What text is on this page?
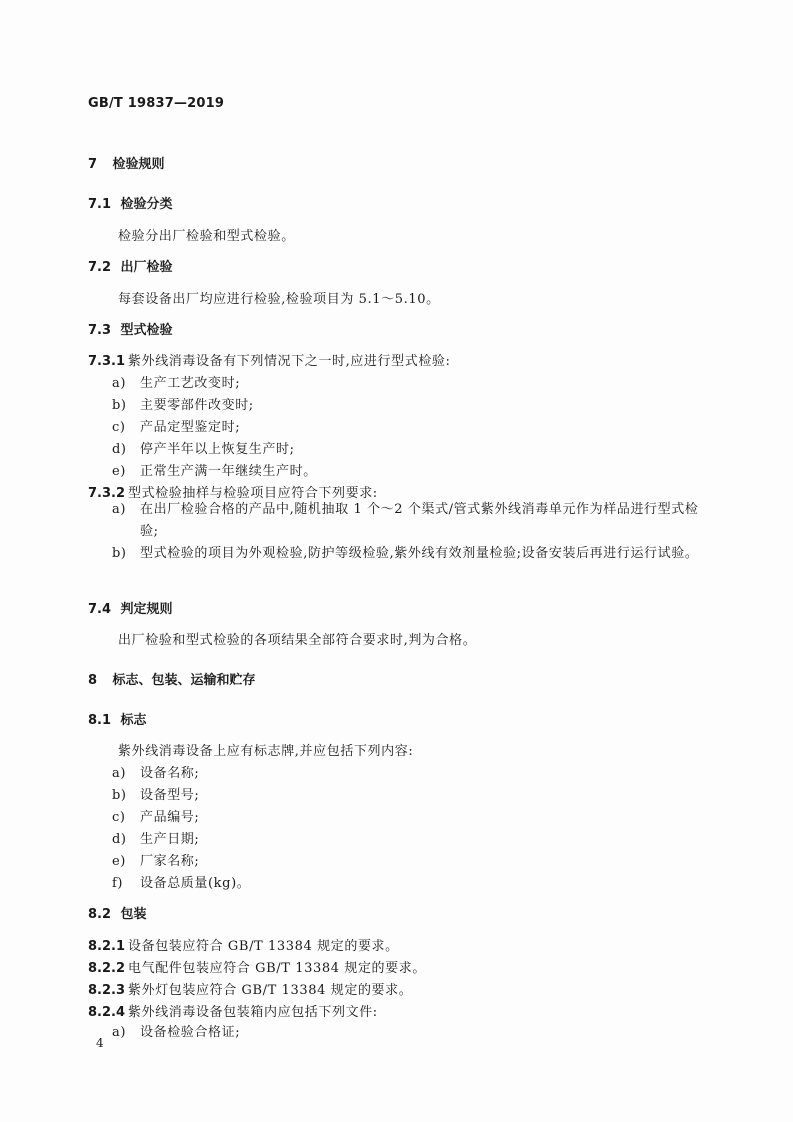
GB/T 19837—2019
7 检验规则
7.1 检验分类
检验分出厂检验和型式检验。
7.2 出厂检验
每套设备出厂均应进行检验,检验项目为 5.1～5.10。
7.3 型式检验
7.3.1 紫外线消毒设备有下列情况下之一时,应进行型式检验:
a) 生产工艺改变时;
b) 主要零部件改变时;
c) 产品定型鉴定时;
d) 停产半年以上恢复生产时;
e) 正常生产满一年继续生产时。
7.3.2 型式检验抽样与检验项目应符合下列要求:
a) 在出厂检验合格的产品中,随机抽取 1 个～2 个渠式/管式紫外线消毒单元作为样品进行型式检验;
b) 型式检验的项目为外观检验,防护等级检验,紫外线有效剂量检验;设备安装后再进行运行试验。
7.4 判定规则
出厂检验和型式检验的各项结果全部符合要求时,判为合格。
8 标志、包装、运输和贮存
8.1 标志
紫外线消毒设备上应有标志牌,并应包括下列内容:
a) 设备名称;
b) 设备型号;
c) 产品编号;
d) 生产日期;
e) 厂家名称;
f) 设备总质量(kg)。
8.2 包装
8.2.1 设备包装应符合 GB/T 13384 规定的要求。
8.2.2 电气配件包装应符合 GB/T 13384 规定的要求。
8.2.3 紫外灯包装应符合 GB/T 13384 规定的要求。
8.2.4 紫外线消毒设备包装箱内应包括下列文件:
a) 设备检验合格证;
4
